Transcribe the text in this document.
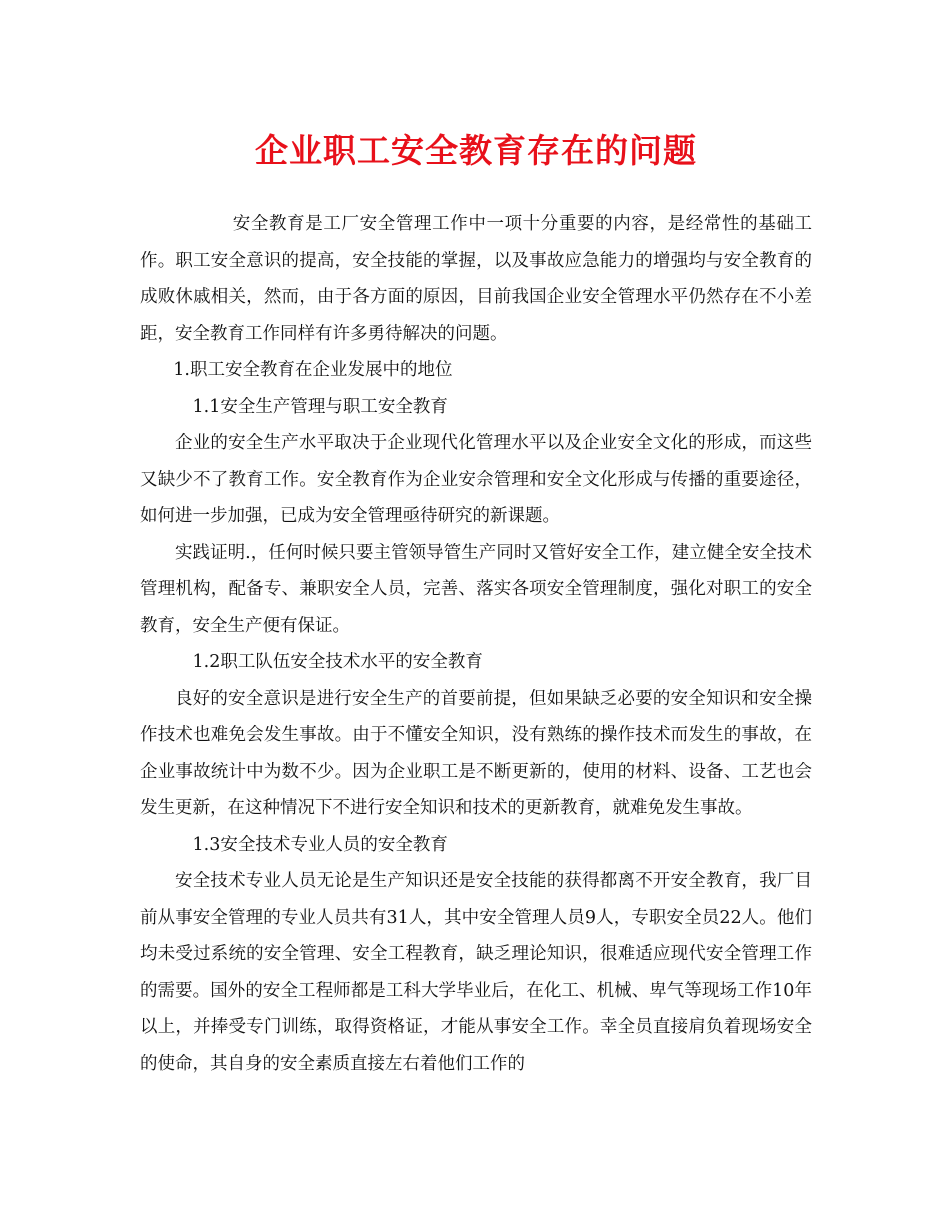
企业职工安全教育存在的问题

安全教育是工厂安全管理工作中一项十分重要的内容，是经常性的基础工作。职工安全意识的提高，安全技能的掌握，以及事故应急能力的增强均与安全教育的成败休戚相关，然而，由于各方面的原因，目前我国企业安全管理水平仍然存在不小差距，安全教育工作同样有许多勇待解决的问题。

1.职工安全教育在企业发展中的地位

1.1安全生产管理与职工安全教育

企业的安全生产水平取决于企业现代化管理水平以及企业安全文化的形成，而这些又缺少不了教育工作。安全教育作为企业安佘管理和安全文化形成与传播的重要途径，如何进一步加强，已成为安全管理亟待研究的新课题。

实践证明.，任何时候只要主管领导管生产同时又管好安全工作，建立健全安全技术管理机构，配备专、兼职安全人员，完善、落实各项安全管理制度，强化对职工的安全教育，安全生产便有保证。

1.2职工队伍安全技术水平的安全教育

良好的安全意识是进行安全生产的首要前提，但如果缺乏必要的安全知识和安全操作技术也难免会发生事故。由于不懂安全知识，没有熟练的操作技术而发生的事故，在企业事故统计中为数不少。因为企业职工是不断更新的，使用的材料、设备、工艺也会发生更新，在这种情况下不进行安全知识和技术的更新教育，就难免发生事故。

1.3安全技术专业人员的安全教育

安全技术专业人员无论是生产知识还是安全技能的获得都离不开安全教育，我厂目前从事安全管理的专业人员共有31人，其中安全管理人员9人，专职安全员22人。他们均未受过系统的安全管理、安全工程教育，缺乏理论知识，很难适应现代安全管理工作的需要。国外的安全工程师都是工科大学毕业后，在化工、机械、卑气等现场工作10年以上，并捧受专门训练，取得资格证，才能从事安全工作。幸全员直接肩负着现场安全的使命，其自身的安全素质直接左右着他们工作的
